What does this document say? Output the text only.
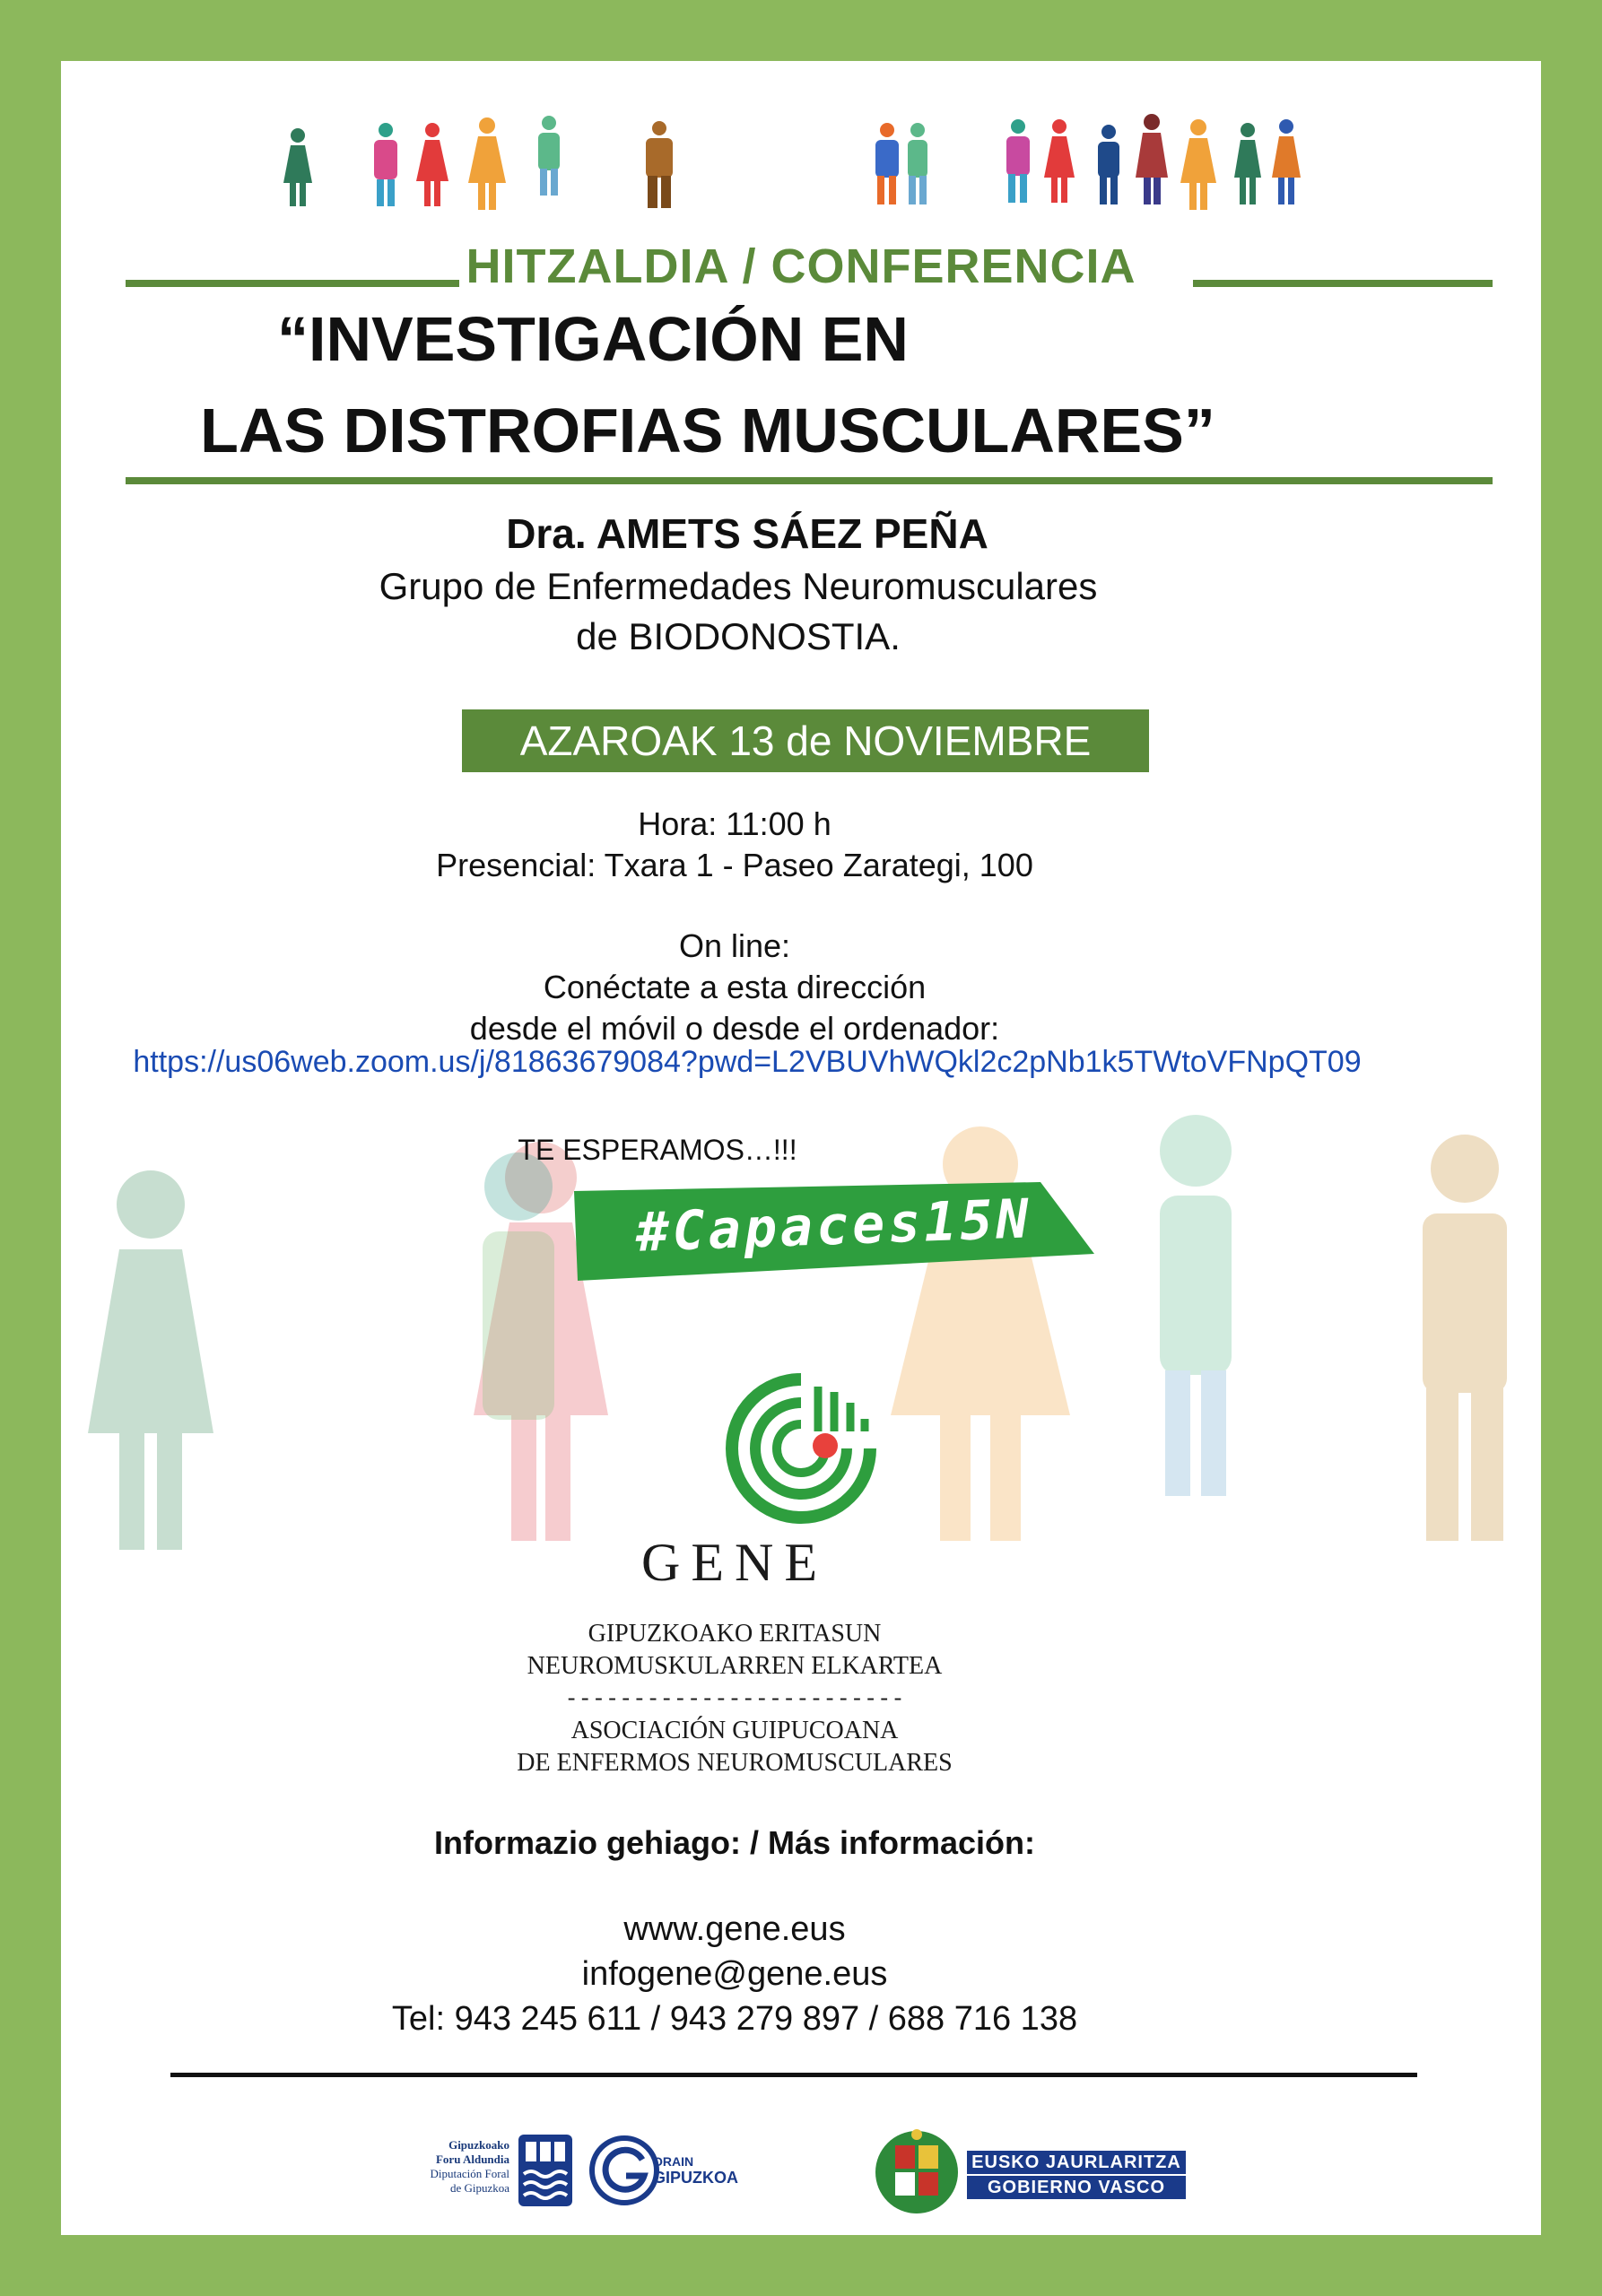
HITZALDIA / CONFERENCIA
“INVESTIGACIÓN EN
LAS DISTROFIAS MUSCULARES”
Dra. AMETS SÁEZ PEÑA
Grupo de Enfermedades Neuromusculares
de BIODONOSTIA.
AZAROAK 13 de NOVIEMBRE
Hora: 11:00 h
Presencial: Txara 1 - Paseo Zarategi, 100
On line:
Conéctate a esta dirección
desde el móvil o desde el ordenador:
https://us06web.zoom.us/j/81863679084?pwd=L2VBUVhWQkl2c2pNb1k5TWtoVFNpQT09
TE ESPERAMOS…!!!
#Capaces15N
GENE
GIPUZKOAKO ERITASUN
NEUROMUSKULARREN ELKARTEA
- - - - - - - - - - - - - - - - - - - - - - - - -
ASOCIACIÓN GUIPUCOANA
DE ENFERMOS NEUROMUSCULARES
Informazio gehiago: / Más información:
www.gene.eus
infogene@gene.eus
Tel: 943 245 611 / 943 279 897 / 688 716 138
Gipuzkoako
Foru Aldundia
Diputación Foral
de Gipuzkoa
ORAIN
GIPUZKOA
EUSKO JAURLARITZA
GOBIERNO VASCO
